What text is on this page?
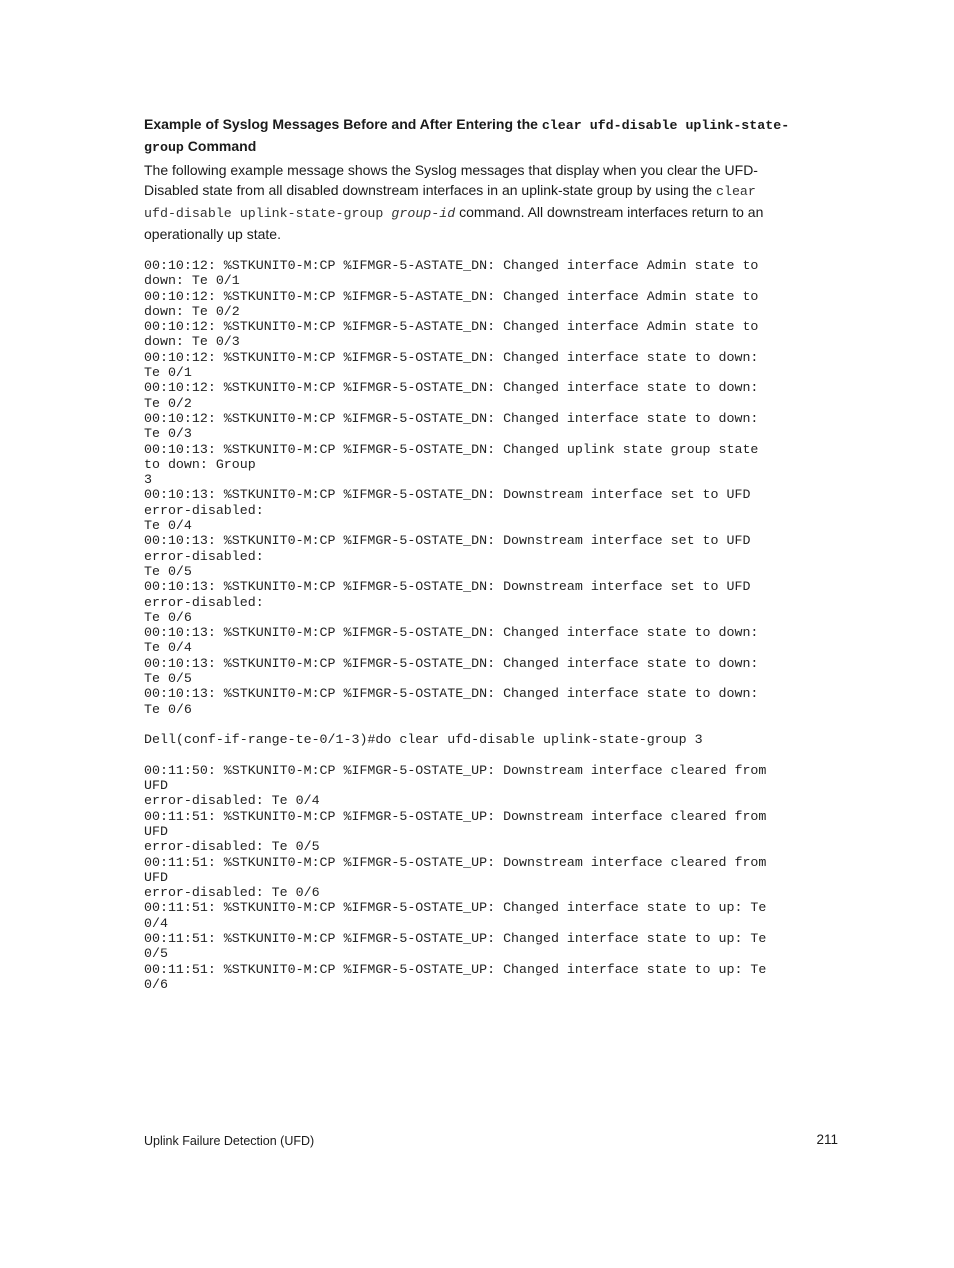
Example of Syslog Messages Before and After Entering the clear ufd-disable uplink-state-
group Command

The following example message shows the Syslog messages that display when you clear the UFD-
Disabled state from all disabled downstream interfaces in an uplink-state group by using the clear
ufd-disable uplink-state-group group-id command. All downstream interfaces return to an
operationally up state.

00:10:12: %STKUNIT0-M:CP %IFMGR-5-ASTATE_DN: Changed interface Admin state to
down: Te 0/1
00:10:12: %STKUNIT0-M:CP %IFMGR-5-ASTATE_DN: Changed interface Admin state to
down: Te 0/2
00:10:12: %STKUNIT0-M:CP %IFMGR-5-ASTATE_DN: Changed interface Admin state to
down: Te 0/3
00:10:12: %STKUNIT0-M:CP %IFMGR-5-OSTATE_DN: Changed interface state to down:
Te 0/1
00:10:12: %STKUNIT0-M:CP %IFMGR-5-OSTATE_DN: Changed interface state to down:
Te 0/2
00:10:12: %STKUNIT0-M:CP %IFMGR-5-OSTATE_DN: Changed interface state to down:
Te 0/3
00:10:13: %STKUNIT0-M:CP %IFMGR-5-OSTATE_DN: Changed uplink state group state
to down: Group
3
00:10:13: %STKUNIT0-M:CP %IFMGR-5-OSTATE_DN: Downstream interface set to UFD
error-disabled:
Te 0/4
00:10:13: %STKUNIT0-M:CP %IFMGR-5-OSTATE_DN: Downstream interface set to UFD
error-disabled:
Te 0/5
00:10:13: %STKUNIT0-M:CP %IFMGR-5-OSTATE_DN: Downstream interface set to UFD
error-disabled:
Te 0/6
00:10:13: %STKUNIT0-M:CP %IFMGR-5-OSTATE_DN: Changed interface state to down:
Te 0/4
00:10:13: %STKUNIT0-M:CP %IFMGR-5-OSTATE_DN: Changed interface state to down:
Te 0/5
00:10:13: %STKUNIT0-M:CP %IFMGR-5-OSTATE_DN: Changed interface state to down:
Te 0/6
Dell(conf-if-range-te-0/1-3)#do clear ufd-disable uplink-state-group 3
00:11:50: %STKUNIT0-M:CP %IFMGR-5-OSTATE_UP: Downstream interface cleared from
UFD
error-disabled: Te 0/4
00:11:51: %STKUNIT0-M:CP %IFMGR-5-OSTATE_UP: Downstream interface cleared from
UFD
error-disabled: Te 0/5
00:11:51: %STKUNIT0-M:CP %IFMGR-5-OSTATE_UP: Downstream interface cleared from
UFD
error-disabled: Te 0/6
00:11:51: %STKUNIT0-M:CP %IFMGR-5-OSTATE_UP: Changed interface state to up: Te
0/4
00:11:51: %STKUNIT0-M:CP %IFMGR-5-OSTATE_UP: Changed interface state to up: Te
0/5
00:11:51: %STKUNIT0-M:CP %IFMGR-5-OSTATE_UP: Changed interface state to up: Te
0/6
Uplink Failure Detection (UFD)	211
